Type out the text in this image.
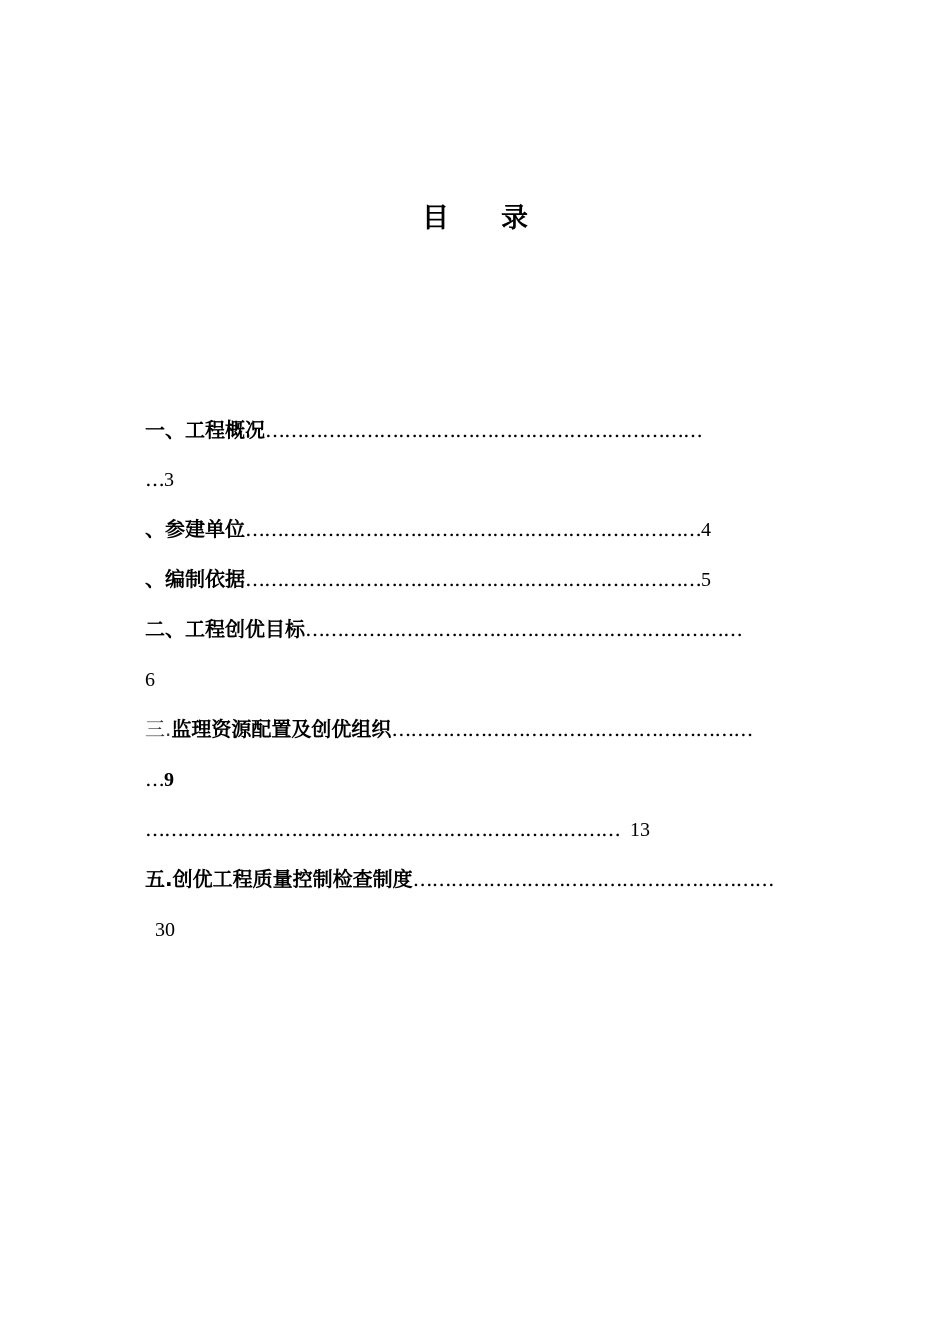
目 录
一、工程概况……………………………………………………………
…3
、参建单位………………………………………………………………4
、编制依据………………………………………………………………5
二、工程创优目标……………………………………………………………
6
三.监理资源配置及创优组织…………………………………………………
…9
………………………………………………………………… 13
五.创优工程质量控制检查制度…………………………………………………
30
